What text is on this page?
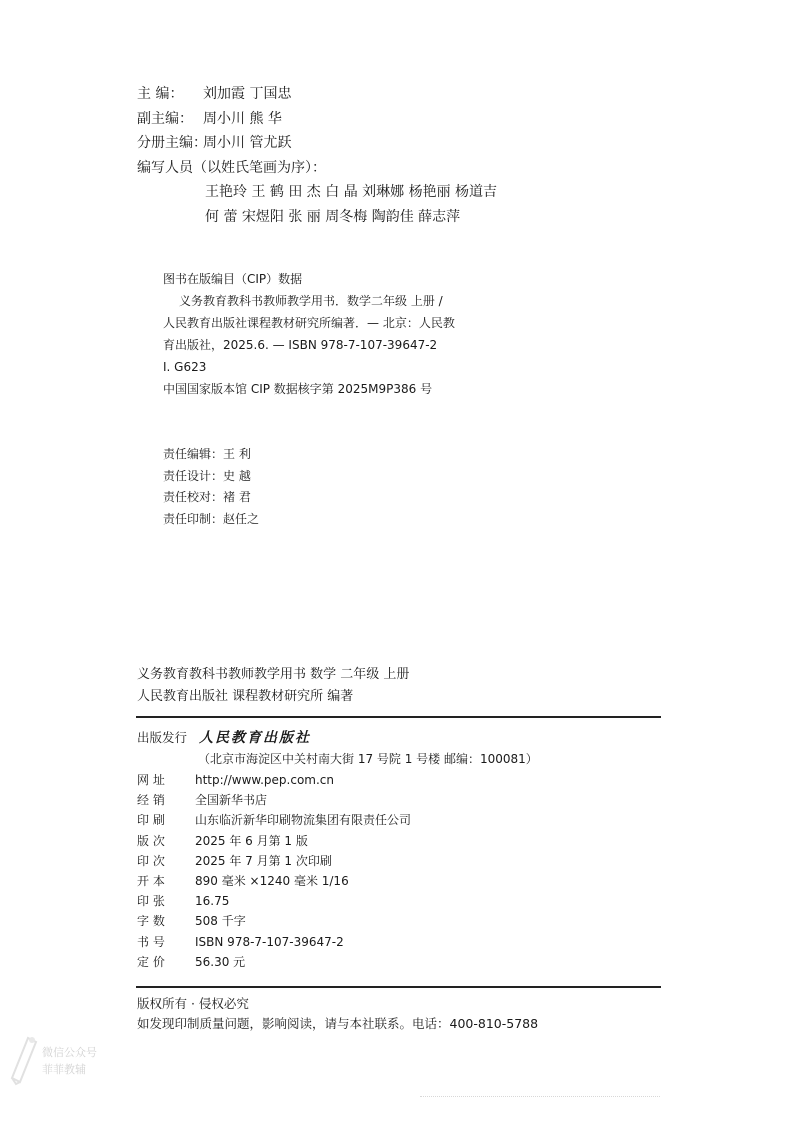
主 编： 刘加霞 丁国忠
副主编： 周小川 熊 华
分册主编：周小川 管尤跃
编写人员（以姓氏笔画为序）：
王艳玲 王 鹤 田 杰 白 晶 刘琳娜 杨艳丽 杨道吉
何 蕾 宋煜阳 张 丽 周冬梅 陶韵佳 薛志萍
图书在版编目（CIP）数据
义务教育教科书教师教学用书．数学二年级 上册 /
人民教育出版社课程教材研究所编著．— 北京：人民教
育出版社，2025.6. — ISBN 978-7-107-39647-2
Ⅰ. G623
中国国家版本馆 CIP 数据核字第 2025M9P386 号
责任编辑：王 利
责任设计：史 越
责任校对：褚 君
责任印制：赵任之
义务教育教科书教师教学用书 数学 二年级 上册
人民教育出版社 课程教材研究所 编著
出版发行 人民教育出版社
（北京市海淀区中关村南大街 17 号院 1 号楼 邮编：100081）
网 址	http://www.pep.com.cn
经 销	全国新华书店
印 刷	山东临沂新华印刷物流集团有限责任公司
版 次	2025 年 6 月第 1 版
印 次	2025 年 7 月第 1 次印刷
开 本	890 毫米 ×1240 毫米 1/16
印 张	16.75
字 数	508 千字
书 号	ISBN 978-7-107-39647-2
定 价	56.30 元
版权所有 · 侵权必究
如发现印制质量问题，影响阅读，请与本社联系。电话：400-810-5788
微信公众号
菲菲教辅
